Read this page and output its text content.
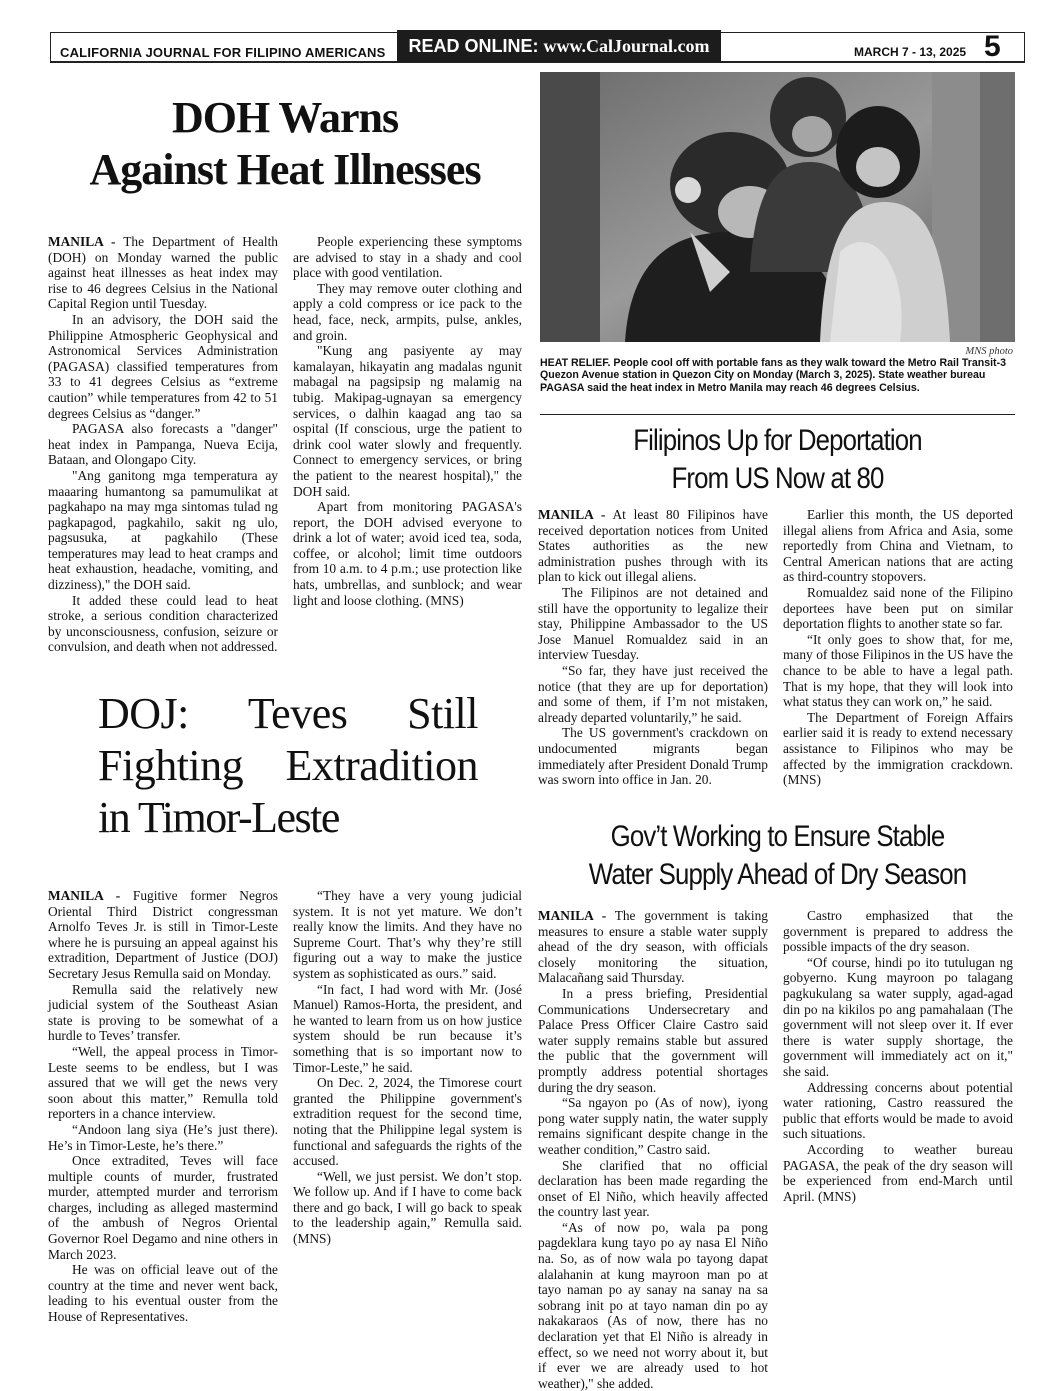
CALIFORNIA JOURNAL FOR FILIPINO AMERICANS	READ ONLINE: www.CalJournal.com	MARCH 7 - 13, 2025 5
DOH Warns
Against Heat Illnesses

MANILA - The Department of Health (DOH) on Monday warned the public against heat illnesses as heat index may rise to 46 degrees Celsius in the National Capital Region until Tuesday.

In an advisory, the DOH said the Philippine Atmospheric Geophysical and Astronomical Services Administration (PAGASA) classified temperatures from 33 to 41 degrees Celsius as “extreme caution” while temperatures from 42 to 51 degrees Celsius as “danger.”

PAGASA also forecasts a "danger" heat index in Pampanga, Nueva Ecija, Bataan, and Olongapo City.

"Ang ganitong mga temperatura ay maaaring humantong sa pamumulikat at pagkahapo na may mga sintomas tulad ng pagkapagod, pagkahilo, sakit ng ulo, pagsusuka, at pagkahilo (These temperatures may lead to heat cramps and heat exhaustion, headache, vomiting, and dizziness)," the DOH said.

It added these could lead to heat stroke, a serious condition characterized by unconsciousness, confusion, seizure or convulsion, and death when not addressed.

People experiencing these symptoms are advised to stay in a shady and cool place with good ventilation.

They may remove outer clothing and apply a cold compress or ice pack to the head, face, neck, armpits, pulse, ankles, and groin.

"Kung ang pasiyente ay may kamalayan, hikayatin ang madalas ngunit mabagal na pagsipsip ng malamig na tubig. Makipag-ugnayan sa emergency services, o dalhin kaagad ang tao sa ospital (If conscious, urge the patient to drink cool water slowly and frequently. Connect to emergency services, or bring the patient to the nearest hospital)," the DOH said.

Apart from monitoring PAGASA's report, the DOH advised everyone to drink a lot of water; avoid iced tea, soda, coffee, or alcohol; limit time outdoors from 10 a.m. to 4 p.m.; use protection like hats, umbrellas, and sunblock; and wear light and loose clothing. (MNS)

MNS photo
HEAT RELIEF. People cool off with portable fans as they walk toward the Metro Rail Transit-3 Quezon Avenue station in Quezon City on Monday (March 3, 2025). State weather bureau PAGASA said the heat index in Metro Manila may reach 46 degrees Celsius.
Filipinos Up for Deportation
From US Now at 80

MANILA - At least 80 Filipinos have received deportation notices from United States authorities as the new administration pushes through with its plan to kick out illegal aliens.

The Filipinos are not detained and still have the opportunity to legalize their stay, Philippine Ambassador to the US Jose Manuel Romualdez said in an interview Tuesday.

“So far, they have just received the notice (that they are up for deportation) and some of them, if I’m not mistaken, already departed voluntarily,” he said.

The US government's crackdown on undocumented migrants began immediately after President Donald Trump was sworn into office in Jan. 20.

Earlier this month, the US deported illegal aliens from Africa and Asia, some reportedly from China and Vietnam, to Central American nations that are acting as third-country stopovers.

Romualdez said none of the Filipino deportees have been put on similar deportation flights to another state so far.

“It only goes to show that, for me, many of those Filipinos in the US have the chance to be able to have a legal path. That is my hope, that they will look into what status they can work on,” he said.

The Department of Foreign Affairs earlier said it is ready to extend necessary assistance to Filipinos who may be affected by the immigration crackdown. (MNS)

DOJ: Teves Still
Fighting Extradition
in Timor-Leste

MANILA - Fugitive former Negros Oriental Third District congressman Arnolfo Teves Jr. is still in Timor-Leste where he is pursuing an appeal against his extradition, Department of Justice (DOJ) Secretary Jesus Remulla said on Monday.

Remulla said the relatively new judicial system of the Southeast Asian state is proving to be somewhat of a hurdle to Teves’ transfer.

“Well, the appeal process in Timor-Leste seems to be endless, but I was assured that we will get the news very soon about this matter,” Remulla told reporters in a chance interview.

“Andoon lang siya (He’s just there). He’s in Timor-Leste, he’s there.”

Once extradited, Teves will face multiple counts of murder, frustrated murder, attempted murder and terrorism charges, including as alleged mastermind of the ambush of Negros Oriental Governor Roel Degamo and nine others in March 2023.

He was on official leave out of the country at the time and never went back, leading to his eventual ouster from the House of Representatives.

“They have a very young judicial system. It is not yet mature. We don’t really know the limits. And they have no Supreme Court. That’s why they’re still figuring out a way to make the justice system as sophisticated as ours.” said.

“In fact, I had word with Mr. (José Manuel) Ramos-Horta, the president, and he wanted to learn from us on how justice system should be run because it’s something that is so important now to Timor-Leste,” he said.

On Dec. 2, 2024, the Timorese court granted the Philippine government's extradition request for the second time, noting that the Philippine legal system is functional and safeguards the rights of the accused.

“Well, we just persist. We don’t stop. We follow up. And if I have to come back there and go back, I will go back to speak to the leadership again,” Remulla said. (MNS)

Gov’t Working to Ensure Stable
Water Supply Ahead of Dry Season

MANILA - The government is taking measures to ensure a stable water supply ahead of the dry season, with officials closely monitoring the situation, Malacañang said Thursday.

In a press briefing, Presidential Communications Undersecretary and Palace Press Officer Claire Castro said water supply remains stable but assured the public that the government will promptly address potential shortages during the dry season.

“Sa ngayon po (As of now), iyong pong water supply natin, the water supply remains significant despite change in the weather condition,” Castro said.

She clarified that no official declaration has been made regarding the onset of El Niño, which heavily affected the country last year.

“As of now po, wala pa pong pagdeklara kung tayo po ay nasa El Niño na. So, as of now wala po tayong dapat alalahanin at kung mayroon man po at tayo naman po ay sanay na sanay na sa sobrang init po at tayo naman din po ay nakakaraos (As of now, there has no declaration yet that El Niño is already in effect, so we need not worry about it, but if ever we are already used to hot weather)," she added.

Castro emphasized that the government is prepared to address the possible impacts of the dry season.

“Of course, hindi po ito tutulugan ng gobyerno. Kung mayroon po talagang pagkukulang sa water supply, agad-agad din po na kikilos po ang pamahalaan (The government will not sleep over it. If ever there is water supply shortage, the government will immediately act on it," she said.

Addressing concerns about potential water rationing, Castro reassured the public that efforts would be made to avoid such situations.

According to weather bureau PAGASA, the peak of the dry season will be experienced from end-March until April. (MNS)
